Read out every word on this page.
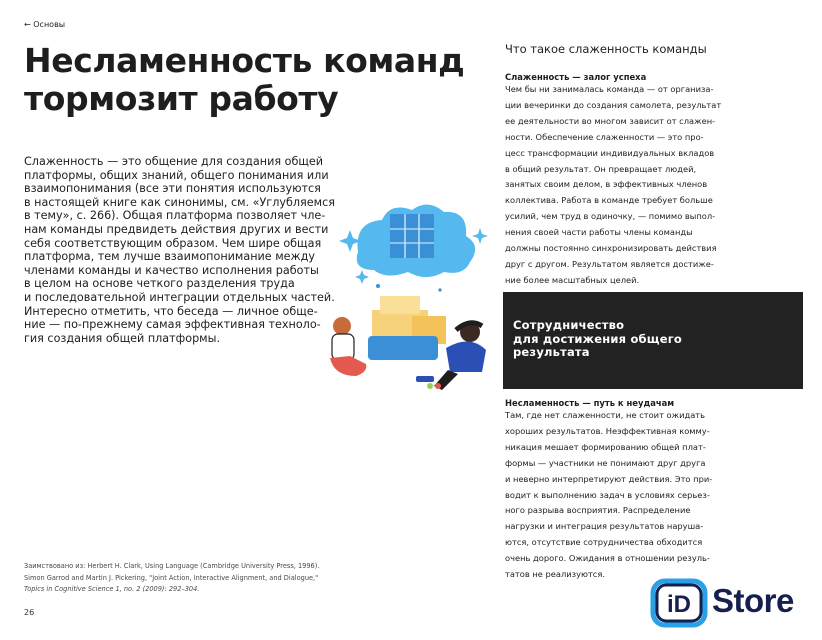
← Основы
Несламенность команд
тормозит работу
Слаженность — это общение для создания общей
платформы, общих знаний, общего понимания или
взаимопонимания (все эти понятия используются
в настоящей книге как синонимы, см. «Углубляемся
в тему», с. 266). Общая платформа позволяет чле-
нам команды предвидеть действия других и вести
себя соответствующим образом. Чем шире общая
платформа, тем лучше взаимопонимание между
членами команды и качество исполнения работы
в целом на основе четкого разделения труда
и последовательной интеграции отдельных частей.
Интересно отметить, что беседа — личное обще-
ние — по-прежнему самая эффективная техноло-
гия создания общей платформы.
Заимствовано из: Herbert H. Clark, Using Language (Cambridge University Press, 1996).
Simon Garrod and Martin J. Pickering, "Joint Action, Interactive Alignment, and Dialogue,"
Topics in Cognitive Science 1, no. 2 (2009): 292–304.
26
Что такое слаженность команды
Слаженность — залог успеха
Чем бы ни занималась команда — от организа-
ции вечеринки до создания самолета, результат
ее деятельности во многом зависит от слажен-
ности. Обеспечение слаженности — это про-
цесс трансформации индивидуальных вкладов
в общий результат. Он превращает людей,
занятых своим делом, в эффективных членов
коллектива. Работа в команде требует больше
усилий, чем труд в одиночку, — помимо выпол-
нения своей части работы члены команды
должны постоянно синхронизировать действия
друг с другом. Результатом является достиже-
ние более масштабных целей.
Сотрудничество
для достижения общего
результата
Несламенность — путь к неудачам
Там, где нет слаженности, не стоит ожидать
хороших результатов. Неэффективная комму-
никация мешает формированию общей плат-
формы — участники не понимают друг друга
и неверно интерпретируют действия. Это при-
водит к выполнению задач в условиях серьез-
ного разрыва восприятия. Распределение
нагрузки и интеграция результатов наруша-
ются, отсутствие сотрудничества обходится
очень дорого. Ожидания в отношении резуль-
татов не реализуются.
iD Store
